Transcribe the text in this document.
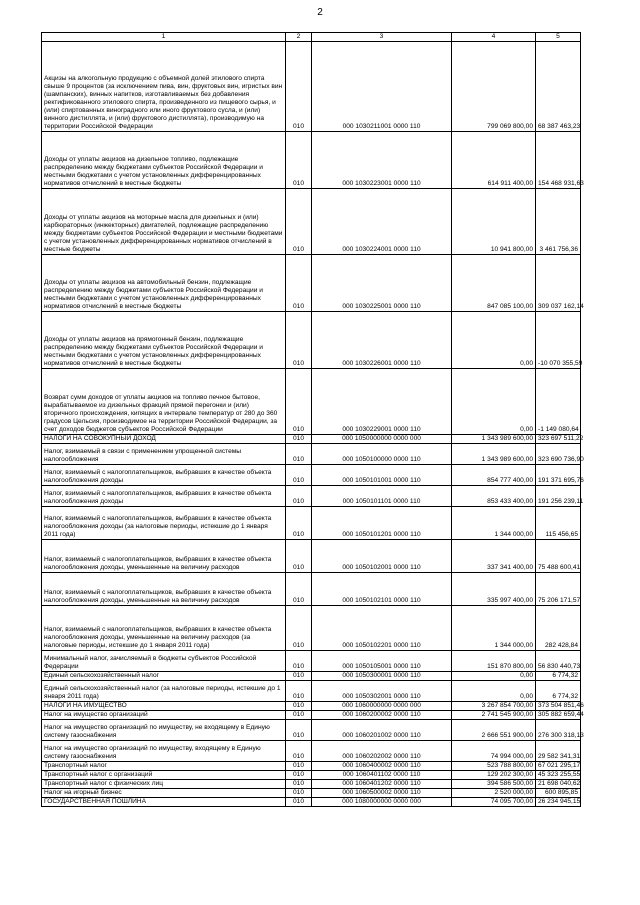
2
1	2	3	4	5
Акцизы на алкогольную продукцию с объемной долей этилового спирта свыше 9 процентов (за исключением пива, вин, фруктовых вин, игристых вин (шампанских), винных напитков, изготавливаемых без добавления ректификованного этилового спирта, произведенного из пищевого сырья, и (или) спиртованных виноградного или иного фруктового сусла, и (или) винного дистиллята, и (или) фруктового дистиллята), производимую на территории Российской Федерации	010	000 1030211001 0000 110	799 069 800,00	68 387 463,23
Доходы от уплаты акцизов на дизельное топливо, подлежащие распределению между бюджетами субъектов Российской Федерации и местными бюджетами с учетом установленных дифференцированных нормативов отчислений в местные бюджеты	010	000 1030223001 0000 110	614 911 400,00	154 468 931,63
Доходы от уплаты акцизов на моторные масла для дизельных и (или) карбюраторных (инжекторных) двигателей, подлежащие распределению между бюджетами субъектов Российской Федерации и местными бюджетами с учетом установленных дифференцированных нормативов отчислений в местные бюджеты	010	000 1030224001 0000 110	10 941 800,00	3 461 756,36
Доходы от уплаты акцизов на автомобильный бензин, подлежащие распределению между бюджетами субъектов Российской Федерации и местными бюджетами с учетом установленных дифференцированных нормативов отчислений в местные бюджеты	010	000 1030225001 0000 110	847 085 100,00	309 037 162,14
Доходы от уплаты акцизов на прямогонный бензин, подлежащие распределению между бюджетами субъектов Российской Федерации и местными бюджетами с учетом установленных дифференцированных нормативов отчислений в местные бюджеты	010	000 1030226001 0000 110	0,00	-10 070 355,59
Возврат сумм доходов от уплаты акцизов на топливо печное бытовое, вырабатываемое из дизельных фракций прямой перегонки и (или) вторичного происхождения, кипящих в интервале температур от 280 до 360 градусов Цельсия, производимое на территории Российской Федерации, за счет доходов бюджетов субъектов Российской Федерации	010	000 1030229001 0000 110	0,00	-1 149 080,64
НАЛОГИ НА СОВОКУПНЫЙ ДОХОД	010	000 1050000000 0000 000	1 343 989 600,00	323 697 511,22
Налог, взимаемый в связи с применением упрощенной системы налогообложения	010	000 1050100000 0000 110	1 343 989 600,00	323 690 736,90
Налог, взимаемый с налогоплательщиков, выбравших в качестве объекта налогообложения доходы	010	000 1050101001 0000 110	854 777 400,00	191 371 695,76
Налог, взимаемый с налогоплательщиков, выбравших в качестве объекта налогообложения доходы	010	000 1050101101 0000 110	853 433 400,00	191 256 239,11
Налог, взимаемый с налогоплательщиков, выбравших в качестве объекта налогообложения доходы (за налоговые периоды, истекшие до 1 января 2011 года)	010	000 1050101201 0000 110	1 344 000,00	115 456,65
Налог, взимаемый с налогоплательщиков, выбравших в качестве объекта налогообложения доходы, уменьшенные на величину расходов	010	000 1050102001 0000 110	337 341 400,00	75 488 600,41
Налог, взимаемый с налогоплательщиков, выбравших в качестве объекта налогообложения доходы, уменьшенные на величину расходов	010	000 1050102101 0000 110	335 997 400,00	75 206 171,57
Налог, взимаемый с налогоплательщиков, выбравших в качестве объекта налогообложения доходы, уменьшенные на величину расходов (за налоговые периоды, истекшие до 1 января 2011 года)	010	000 1050102201 0000 110	1 344 000,00	282 428,84
Минимальный налог, зачисляемый в бюджеты субъектов Российской Федерации	010	000 1050105001 0000 110	151 870 800,00	56 830 440,73
Единый сельскохозяйственный налог	010	000 1050300001 0000 110	0,00	6 774,32
Единый сельскохозяйственный налог (за налоговые периоды, истекшие до 1 января 2011 года)	010	000 1050302001 0000 110	0,00	6 774,32
НАЛОГИ НА ИМУЩЕСТВО	010	000 1060000000 0000 000	3 267 854 700,00	373 504 851,46
Налог на имущество организаций	010	000 1060200002 0000 110	2 741 545 900,00	305 882 659,44
Налог на имущество организаций по имуществу, не входящему в Единую систему газоснабжения	010	000 1060201002 0000 110	2 666 551 900,00	276 300 318,13
Налог на имущество организаций по имуществу, входящему в Единую систему газоснабжения	010	000 1060202002 0000 110	74 994 000,00	29 582 341,31
Транспортный налог	010	000 1060400002 0000 110	523 788 800,00	67 021 295,17
Транспортный налог с организаций	010	000 1060401102 0000 110	129 202 300,00	45 323 255,55
Транспортный налог с физических лиц	010	000 1060401202 0000 110	394 586 500,00	21 698 040,62
Налог на игорный бизнес	010	000 1060500002 0000 110	2 520 000,00	600 895,85
ГОСУДАРСТВЕННАЯ ПОШЛИНА	010	000 1080000000 0000 000	74 095 700,00	26 234 945,15
